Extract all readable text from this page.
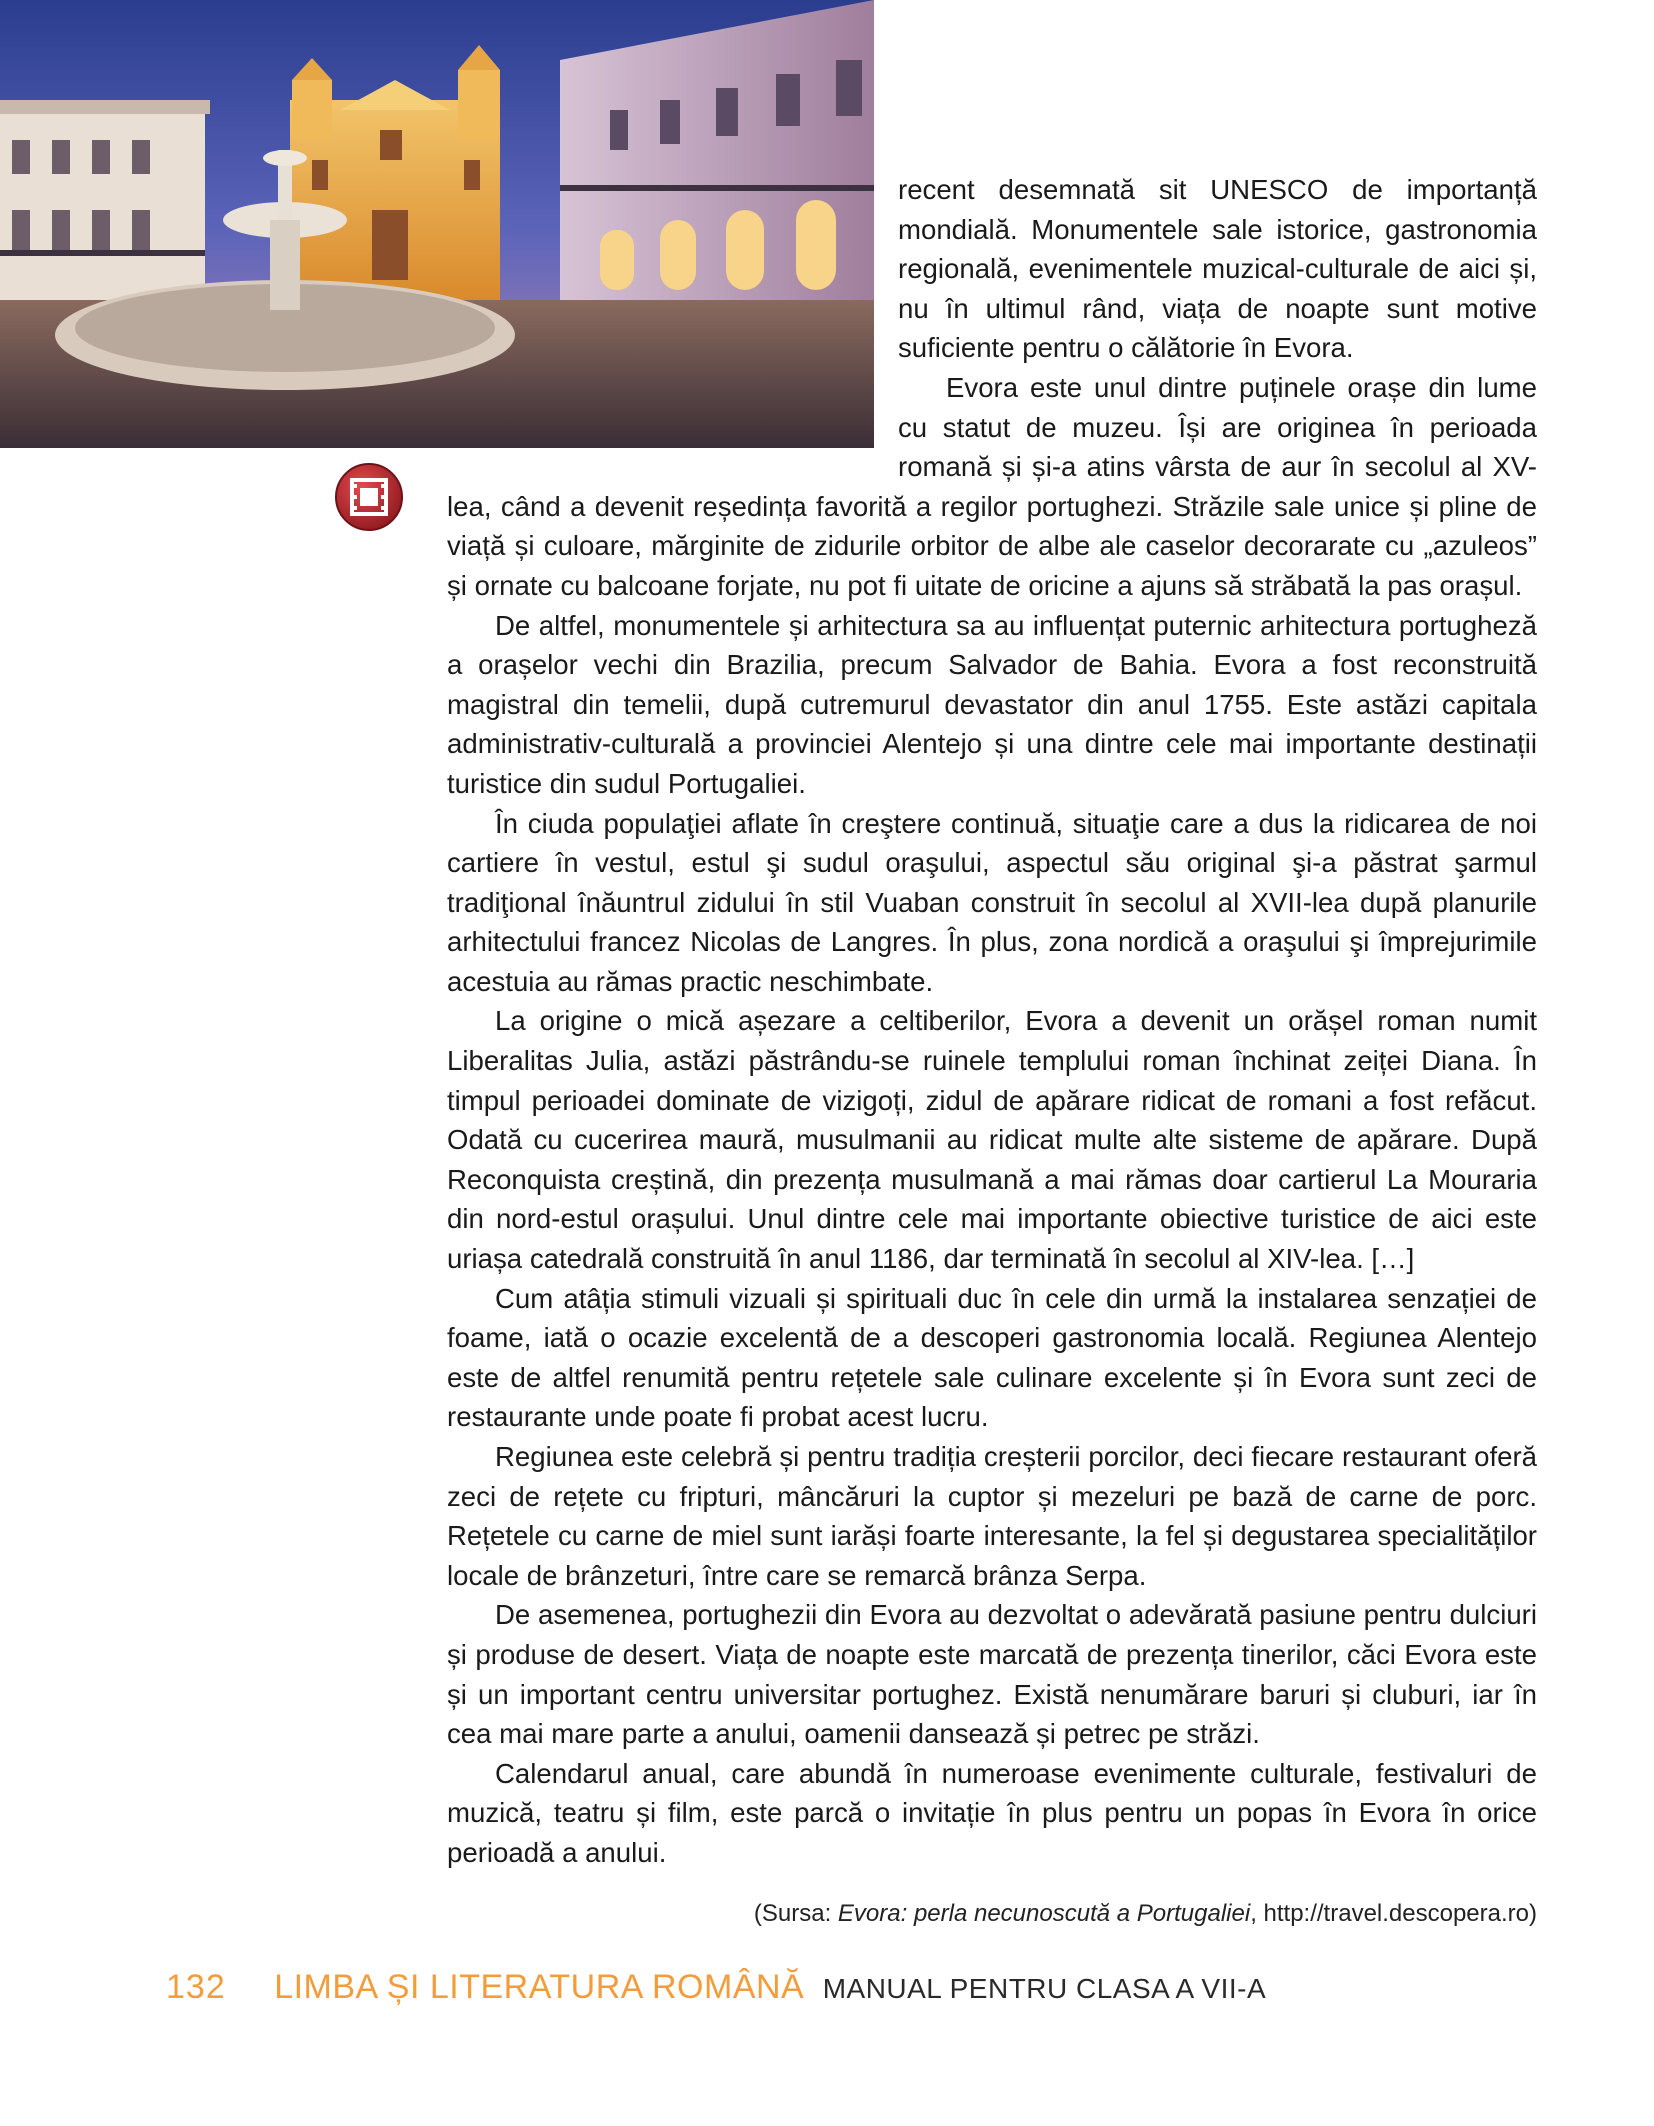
recent desemnată sit UNESCO de importanță mondială. Monumentele sale istorice, gastronomia regională, evenimentele muzical-culturale de aici și, nu în ultimul rând, viața de noapte sunt motive suficiente pentru o călătorie în Evora.

Evora este unul dintre puținele orașe din lume cu statut de muzeu. Își are originea în perioada romană și și-a atins vârsta de aur în secolul al XV-lea, când a devenit reședința favorită a regilor portughezi. Străzile sale unice și pline de viață și culoare, mărginite de zidurile orbitor de albe ale caselor decorarate cu „azuleos” și ornate cu balcoane forjate, nu pot fi uitate de oricine a ajuns să străbată la pas orașul.

De altfel, monumentele și arhitectura sa au influențat puternic arhitectura portugheză a orașelor vechi din Brazilia, precum Salvador de Bahia. Evora a fost reconstruită magistral din temelii, după cutremurul devastator din anul 1755. Este astăzi capitala administrativ-culturală a provinciei Alentejo și una dintre cele mai importante destinații turistice din sudul Portugaliei.

În ciuda populaţiei aflate în creştere continuă, situaţie care a dus la ridicarea de noi cartiere în vestul, estul şi sudul oraşului, aspectul său original şi-a păstrat şarmul tradiţional înăuntrul zidului în stil Vuaban construit în secolul al XVII-lea după planurile arhitectului francez Nicolas de Langres. În plus, zona nordică a oraşului şi împrejurimile acestuia au rămas practic neschimbate.

La origine o mică așezare a celtiberilor, Evora a devenit un orășel roman numit Liberalitas Julia, astăzi păstrându-se ruinele templului roman închinat zeiței Diana. În timpul perioadei dominate de vizigoți, zidul de apărare ridicat de romani a fost refăcut. Odată cu cucerirea maură, musulmanii au ridicat multe alte sisteme de apărare. După Reconquista creștină, din prezența musulmană a mai rămas doar cartierul La Mouraria din nord-estul orașului. Unul dintre cele mai importante obiective turistice de aici este uriașa catedrală construită în anul 1186, dar terminată în secolul al XIV-lea. […]

Cum atâția stimuli vizuali și spirituali duc în cele din urmă la instalarea senzației de foame, iată o ocazie excelentă de a descoperi gastronomia locală. Regiunea Alentejo este de altfel renumită pentru rețetele sale culinare excelente și în Evora sunt zeci de restaurante unde poate fi probat acest lucru.

Regiunea este celebră și pentru tradiția creșterii porcilor, deci fiecare restaurant oferă zeci de rețete cu fripturi, mâncăruri la cuptor și mezeluri pe bază de carne de porc. Rețetele cu carne de miel sunt iarăși foarte interesante, la fel și degustarea specialităților locale de brânzeturi, între care se remarcă brânza Serpa.

De asemenea, portughezii din Evora au dezvoltat o adevărată pasiune pentru dulciuri și produse de desert. Viața de noapte este marcată de prezența tinerilor, căci Evora este și un important centru universitar portughez. Există nenumărare baruri și cluburi, iar în cea mai mare parte a anului, oamenii dansează și petrec pe străzi.

Calendarul anual, care abundă în numeroase evenimente culturale, festivaluri de muzică, teatru și film, este parcă o invitație în plus pentru un popas în Evora în orice perioadă a anului.

(Sursa: Evora: perla necunoscută a Portugaliei, http://travel.descopera.ro)
132 LIMBA ȘI LITERATURA ROMÂNĂ MANUAL PENTRU CLASA A VII-A
